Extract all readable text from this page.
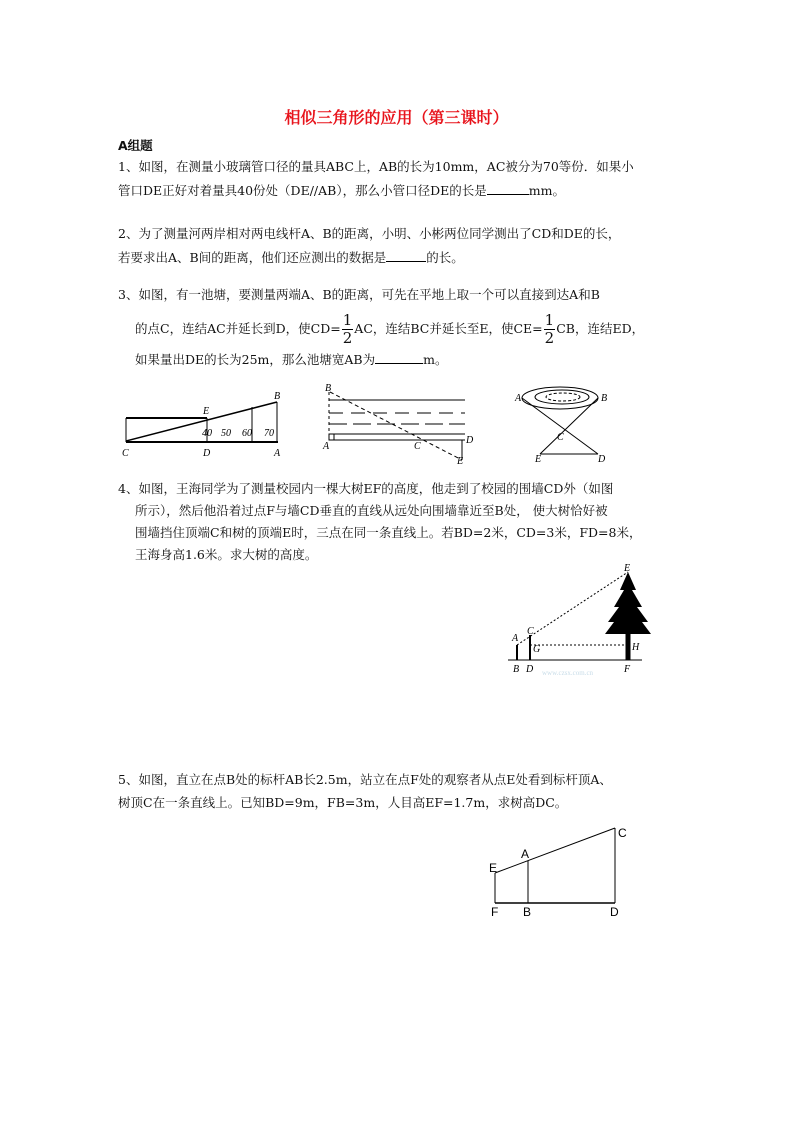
相似三角形的应用（第三课时）
A组题
1、如图，在测量小玻璃管口径的量具ABC上，AB的长为10mm，AC被分为70等份．如果小
管口DE正好对着量具40份处（DE//AB），那么小管口径DE的长是	mm。
2、为了测量河两岸相对两电线杆A、B的距离，小明、小彬两位同学测出了CD和DE的长，
若要求出A、B间的距离，他们还应测出的数据是	的长。
3、如图，有一池塘，要测量两端A、B的距离，可先在平地上取一个可以直接到达A和B
的点C，连结AC并延长到D，使$CD= \frac{1}{2}$ AC，连结BC并延长至E，使$CE= \frac{1}{2}$ CB，连结ED，
如果量出DE的长为25m，那么池塘宽AB为	m。
B
E
C	D	A
40 50 60 70
B
A	C
D
E
A	B
C
E	D
4、如图，王海同学为了测量校园内一棵大树EF的高度，他走到了校园的围墙CD外（如图
所示），然后他沿着过点F与墙CD垂直的直线从远处向围墙靠近至B处， 使大树恰好被
围墙挡住顶端C和树的顶端E时，三点在同一条直线上。若BD=2米，CD=3米，FD=8米，
王海身高1.6米。求大树的高度。
E
C
A
G	H
B D	F
www.czsx.com.cn
5、如图，直立在点B处的标杆AB长2.5m，站立在点F处的观察者从点E处看到标杆顶A、
树顶C在一条直线上。已知BD=9m，FB=3m，人目高EF=1.7m，求树高DC。
C
A
E
F B	D
